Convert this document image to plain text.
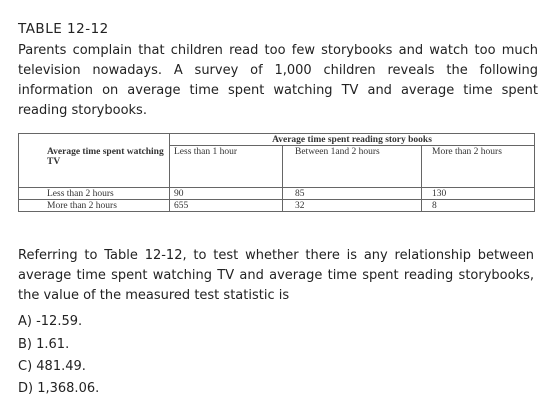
TABLE 12-12
Parents complain that children read too few storybooks and watch too much television nowadays. A survey of 1,000 children reveals the following information on average time spent watching TV and average time spent reading storybooks.
	Average time spent reading story books		
Average time spent watching TV	Less than 1 hour	Between 1and 2 hours	More than 2 hours
Less than 2 hours	90	85	130
More than 2 hours	655	32	8
Referring to Table 12-12, to test whether there is any relationship between average time spent watching TV and average time spent reading storybooks, the value of the measured test statistic is
A) -12.59.
B) 1.61.
C) 481.49.
D) 1,368.06.
